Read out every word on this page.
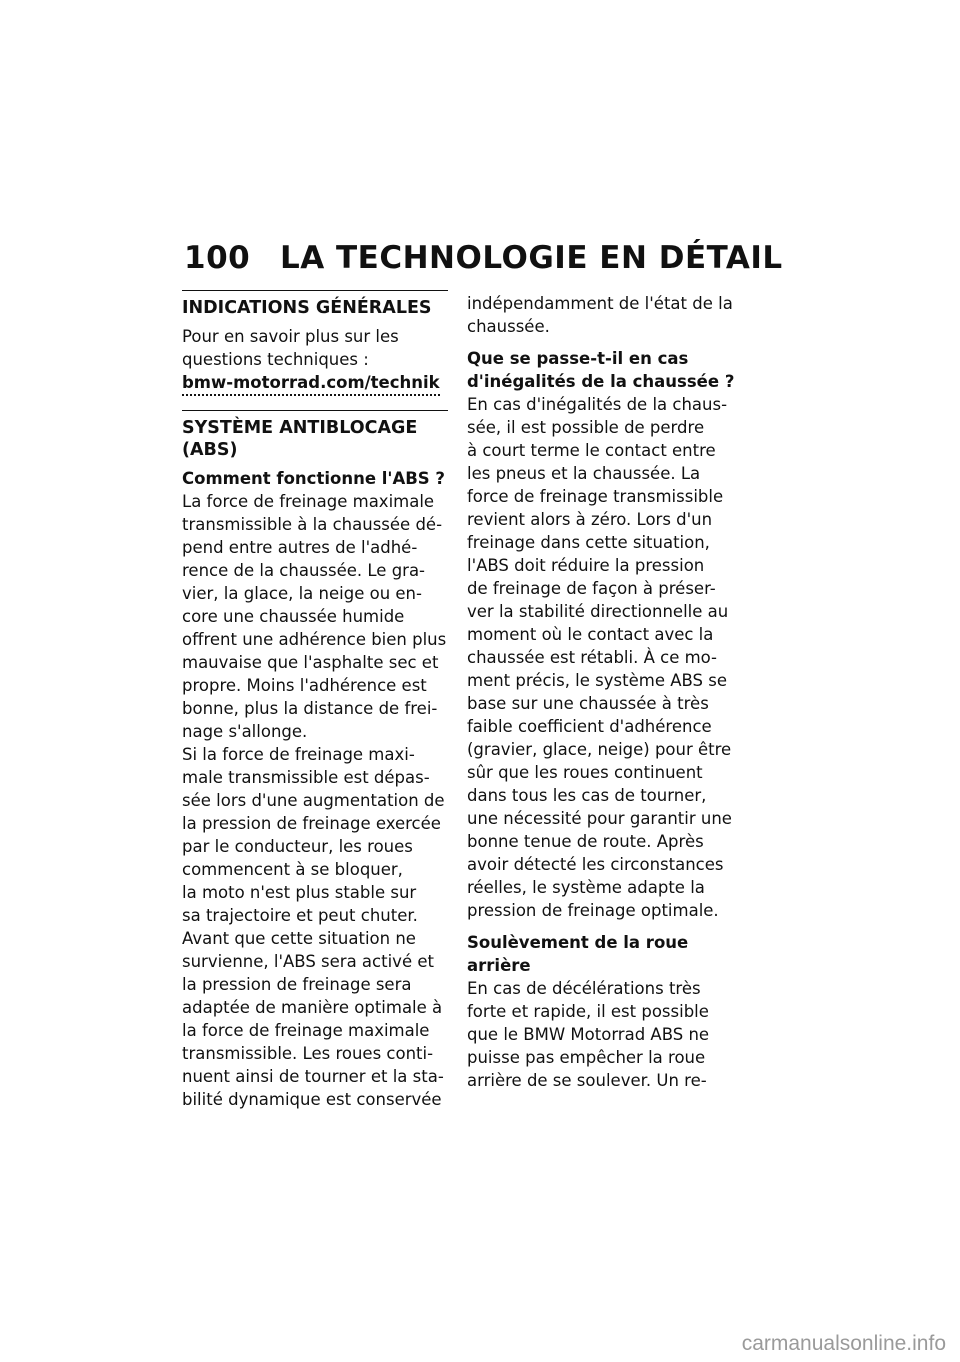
100 LA TECHNOLOGIE EN DÉTAIL
INDICATIONS GÉNÉRALES

Pour en savoir plus sur les
questions techniques :

bmw-motorrad.com/technik
SYSTÈME ANTIBLOCAGE
(ABS)

Comment fonctionne l'ABS ?

La force de freinage maximale
transmissible à la chaussée dé-
pend entre autres de l'adhé-
rence de la chaussée. Le gra-
vier, la glace, la neige ou en-
core une chaussée humide
offrent une adhérence bien plus
mauvaise que l'asphalte sec et
propre. Moins l'adhérence est
bonne, plus la distance de frei-
nage s'allonge.

Si la force de freinage maxi-
male transmissible est dépas-
sée lors d'une augmentation de
la pression de freinage exercée
par le conducteur, les roues
commencent à se bloquer,
la moto n'est plus stable sur
sa trajectoire et peut chuter.
Avant que cette situation ne
survienne, l'ABS sera activé et
la pression de freinage sera
adaptée de manière optimale à
la force de freinage maximale
transmissible. Les roues conti-
nuent ainsi de tourner et la sta-
bilité dynamique est conservée

indépendamment de l'état de la
chaussée.

Que se passe-t-il en cas
d'inégalités de la chaussée ?

En cas d'inégalités de la chaus-
sée, il est possible de perdre
à court terme le contact entre
les pneus et la chaussée. La
force de freinage transmissible
revient alors à zéro. Lors d'un
freinage dans cette situation,
l'ABS doit réduire la pression
de freinage de façon à préser-
ver la stabilité directionnelle au
moment où le contact avec la
chaussée est rétabli. À ce mo-
ment précis, le système ABS se
base sur une chaussée à très
faible coefficient d'adhérence
(gravier, glace, neige) pour être
sûr que les roues continuent
dans tous les cas de tourner,
une nécessité pour garantir une
bonne tenue de route. Après
avoir détecté les circonstances
réelles, le système adapte la
pression de freinage optimale.

Soulèvement de la roue
arrière

En cas de décélérations très
forte et rapide, il est possible
que le BMW Motorrad ABS ne
puisse pas empêcher la roue
arrière de se soulever. Un re-

carmanualsonline.info
